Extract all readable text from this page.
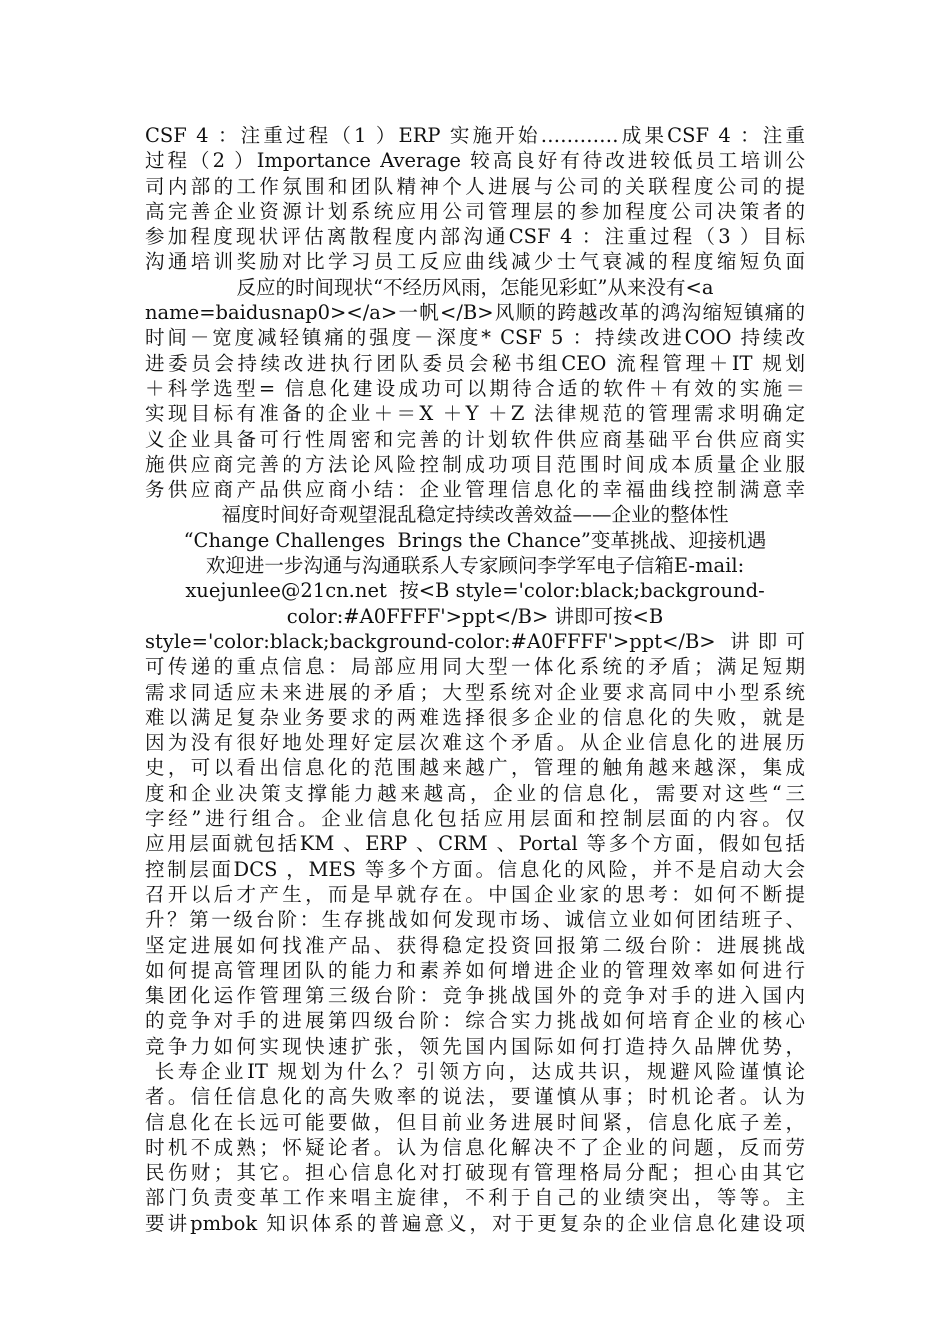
CSF 4 ：注重过程（1 ）ERP 实施开始…………成果CSF 4 ：注重
过程（2 ）Importance Average 较高良好有待改进较低员工培训公
司内部的工作氛围和团队精神个人进展与公司的关联程度公司的提
高完善企业资源计划系统应用公司管理层的参加程度公司决策者的
参加程度现状评估离散程度内部沟通CSF 4 ：注重过程（3 ）目标
沟通培训奖励对比学习员工反应曲线减少士气衰减的程度缩短负面
反应的时间现状“不经历风雨，怎能见彩虹”从来没有<a
name=baidusnap0></a>一帆</B>风顺的跨越改革的鸿沟缩短镇痛的
时间－宽度减轻镇痛的强度－深度* CSF 5 ：持续改进COO 持续改
进委员会持续改进执行团队委员会秘书组CEO 流程管理＋IT 规划
＋科学选型= 信息化建设成功可以期待合适的软件＋有效的实施＝
实现目标有准备的企业＋＝X ＋Y ＋Z 法律规范的管理需求明确定
义企业具备可行性周密和完善的计划软件供应商基础平台供应商实
施供应商完善的方法论风险控制成功项目范围时间成本质量企业服
务供应商产品供应商小结：企业管理信息化的幸福曲线控制满意幸
福度时间好奇观望混乱稳定持续改善效益——企业的整体性
“Change Challenges  Brings the Chance”变革挑战、迎接机遇
欢迎进一步沟通与沟通联系人专家顾问李学军电子信箱E-mail:
xuejunlee@21cn.net  按<B style='color:black;background-
color:#A0FFFF'>ppt</B> 讲即可按<B
style='color:black;background-color:#A0FFFF'>ppt</B> 讲即可
可传递的重点信息：局部应用同大型一体化系统的矛盾；满足短期
需求同适应未来进展的矛盾；大型系统对企业要求高同中小型系统
难以满足复杂业务要求的两难选择很多企业的信息化的失败，就是
因为没有很好地处理好定层次难这个矛盾。从企业信息化的进展历
史，可以看出信息化的范围越来越广，管理的触角越来越深，集成
度和企业决策支撑能力越来越高，企业的信息化，需要对这些“三
字经”进行组合。企业信息化包括应用层面和控制层面的内容。仅
应用层面就包括KM 、ERP 、CRM 、Portal 等多个方面，假如包括
控制层面DCS ，MES 等多个方面。信息化的风险，并不是启动大会
召开以后才产生，而是早就存在。中国企业家的思考：如何不断提
升？第一级台阶：生存挑战如何发现市场、诚信立业如何团结班子、
坚定进展如何找准产品、获得稳定投资回报第二级台阶：进展挑战
如何提高管理团队的能力和素养如何增进企业的管理效率如何进行
集团化运作管理第三级台阶：竞争挑战国外的竞争对手的进入国内
的竞争对手的进展第四级台阶：综合实力挑战如何培育企业的核心
竞争力如何实现快速扩张，领先国内国际如何打造持久品牌优势，
长寿企业IT 规划为什么？引领方向，达成共识，规避风险谨慎论
者。信任信息化的高失败率的说法，要谨慎从事；时机论者。认为
信息化在长远可能要做，但目前业务进展时间紧，信息化底子差，
时机不成熟；怀疑论者。认为信息化解决不了企业的问题，反而劳
民伤财；其它。担心信息化对打破现有管理格局分配；担心由其它
部门负责变革工作来唱主旋律，不利于自己的业绩突出，等等。主
要讲pmbok 知识体系的普遍意义，对于更复杂的企业信息化建设项
